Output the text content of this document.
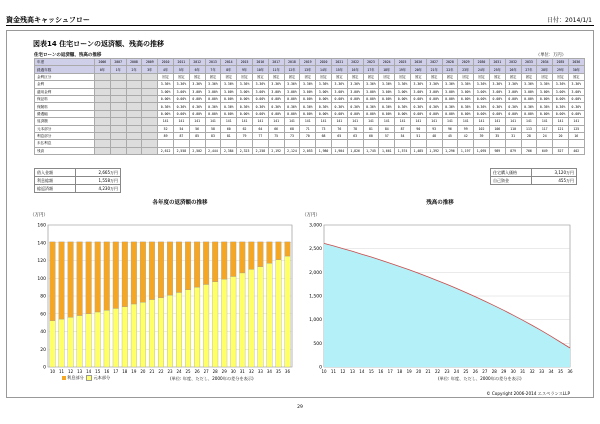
資金残高キャッシュフロー	日付：2014/1/1
図表14 住宅ローンの返済額、残高の推移
住宅ローンの返済額、残高の推移	（単位：万円）
年度	2006	2007	2008	2009	2010	2011	2012	2013	2014	2015	2016	2017	2018	2019	2020	2021	2022	2023	2024	2025	2026	2027	2028	2029	2030	2031	2032	2033	2034	2035	2036
経過年数	0年	1年	2年	3年	4年	5年	6年	7年	8年	9年	10年	11年	12年	13年	14年	15年	16年	17年	18年	19年	20年	21年	22年	23年	24年	25年	26年	27年	28年	29年	30年
金利区分					固定	固定	固定	固定	固定	固定	固定	固定	固定	固定	固定	固定	固定	固定	固定	固定	固定	固定	固定	固定	固定	固定	固定	固定	固定	固定	固定
金利					3.36%	3.36%	3.36%	3.36%	3.36%	3.36%	3.36%	3.36%	3.36%	3.36%	3.36%	3.36%	3.36%	3.36%	3.36%	3.36%	3.36%	3.36%	3.36%	3.36%	3.36%	3.36%	3.36%	3.36%	3.36%	3.36%	3.36%
適用金利					3.00%	3.00%	3.00%	3.00%	3.00%	3.00%	3.00%	3.00%	3.00%	3.00%	3.00%	3.00%	3.00%	3.00%	3.00%	3.00%	3.00%	3.00%	3.00%	3.00%	3.00%	3.00%	3.00%	3.00%	3.00%	3.00%	3.00%
保証料					0.00%	0.00%	0.00%	0.00%	0.00%	0.00%	0.00%	0.00%	0.00%	0.00%	0.00%	0.00%	0.00%	0.00%	0.00%	0.00%	0.00%	0.00%	0.00%	0.00%	0.00%	0.00%	0.00%	0.00%	0.00%	0.00%	0.00%
保険料					0.36%	0.36%	0.36%	0.36%	0.36%	0.36%	0.36%	0.36%	0.36%	0.36%	0.36%	0.36%	0.36%	0.36%	0.36%	0.36%	0.36%	0.36%	0.36%	0.36%	0.36%	0.36%	0.36%	0.36%	0.36%	0.36%	0.36%
優遇幅					0.00%	0.00%	0.00%	0.00%	0.00%	0.00%	0.00%	0.00%	0.00%	0.00%	0.00%	0.00%	0.00%	0.00%	0.00%	0.00%	0.00%	0.00%	0.00%	0.00%	0.00%	0.00%	0.00%	0.00%	0.00%	0.00%	0.00%
返済額					141	141	141	141	141	141	141	141	141	141	141	141	141	141	141	141	141	141	141	141	141	141	141	141	141	141	141
元本部分					52	54	56	58	60	62	64	66	68	71	73	76	78	81	84	87	90	93	96	99	102	106	110	113	117	121	125
利息部分					89	87	85	83	81	79	77	75	73	70	68	65	63	60	57	54	51	48	45	42	39	35	31	28	24	20	16
未払利息																															
残高					2,612	2,558	2,502	2,444	2,384	2,323	2,258	2,192	2,124	2,053	1,980	1,904	1,826	1,745	1,661	1,574	1,485	1,392	1,296	1,197	1,095	989	879	766	649	527	402
借入金額	2,665万円
利息総額	1,558万円
総返済額	4,230万円
住宅購入価格	3,120万円
自己資金	455万円
各年度の返済額の推移	残高の推移
（万円）
0
20
40
60
80
100
120
140
160
10 11 12 13 14 15 16 17 18 19 20 21 22 23 24 25 26 27 28 29 30 31 32 33 34 35 36
（万円）
0
500
1,000
1,500
2,000
2,500
3,000
10 11 12 13 14 15 16 17 18 19 20 21 22 23 24 25 26 27 28 29 30 31 32 33 34 35 36
利息部分 元本部分	(単位: 年度、ただし、2000年の差分を表示)	(単位: 年度、ただし、2000年の差分を表示)
© Copyright 2006-2014 エスペランスLLP
29
